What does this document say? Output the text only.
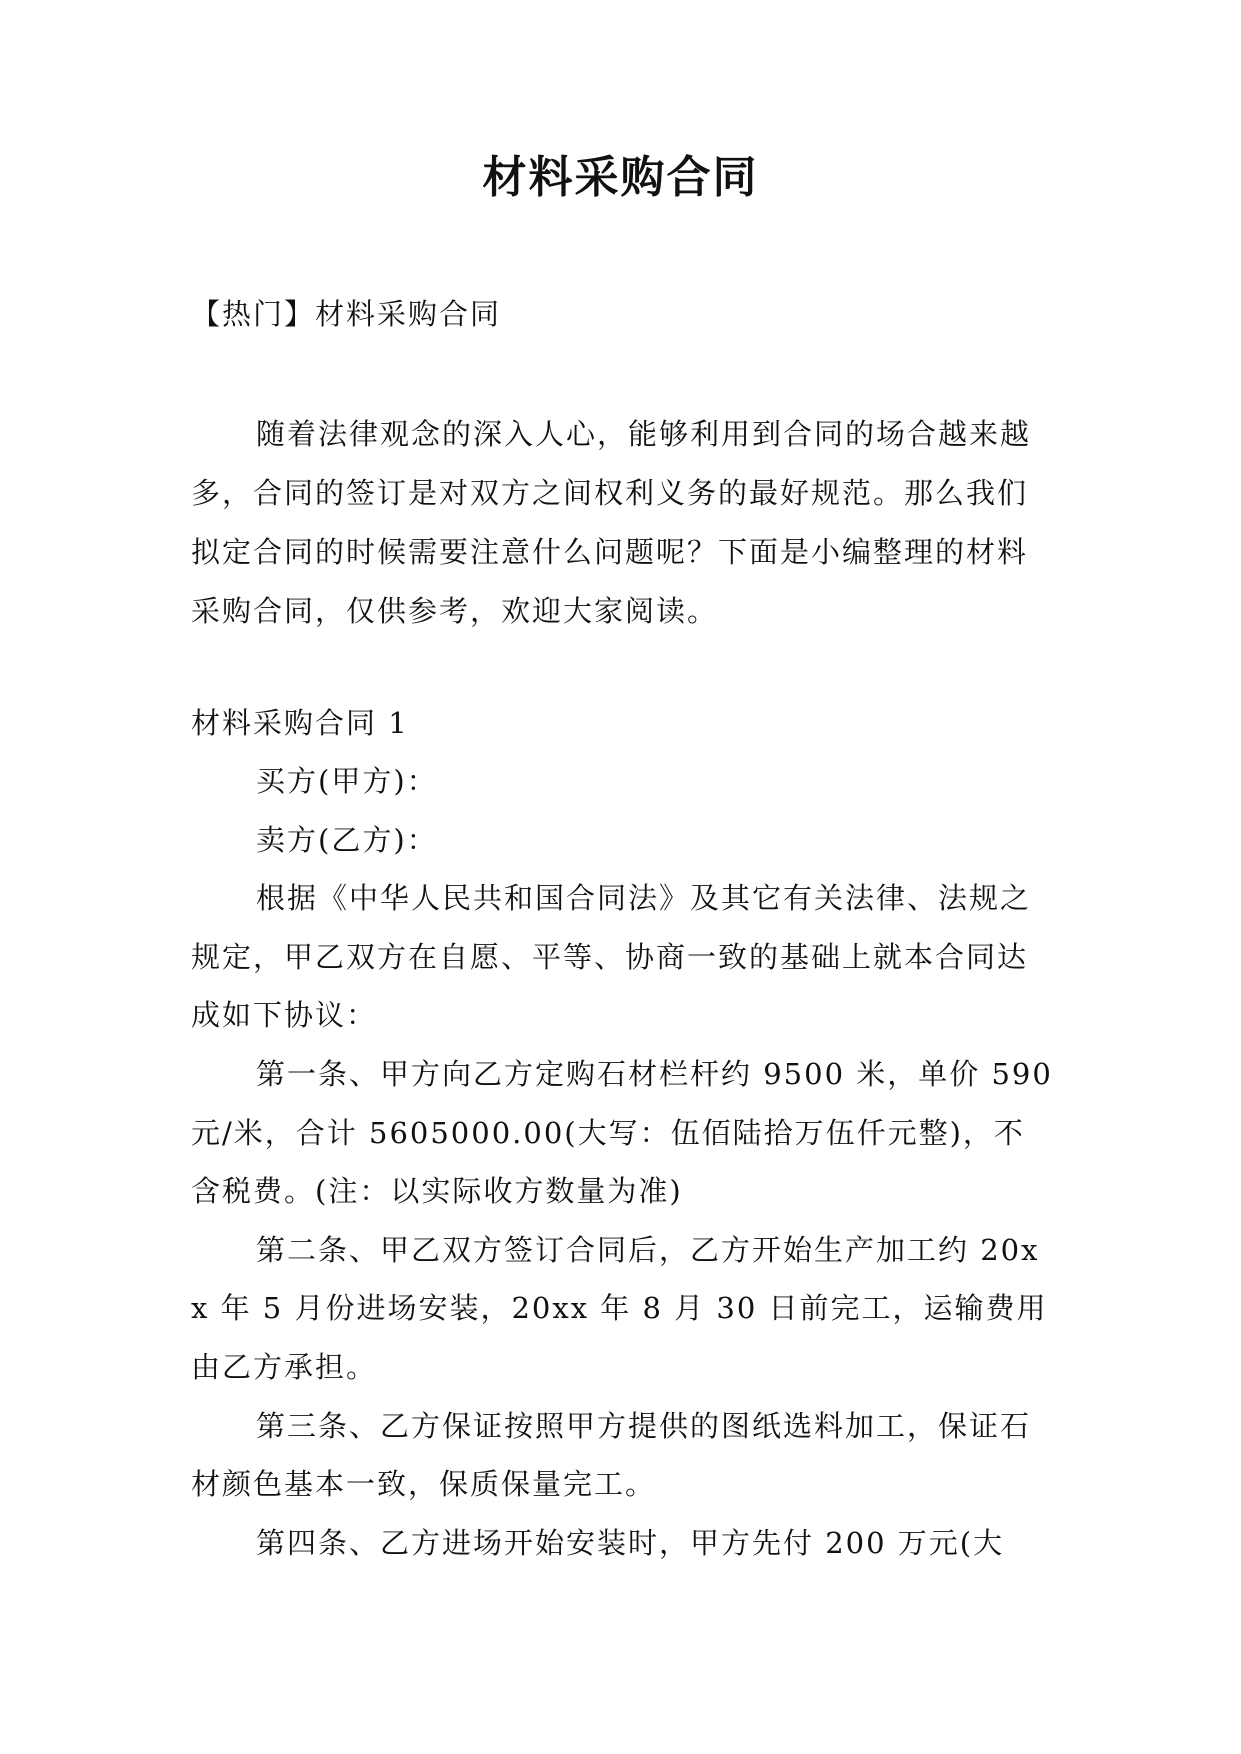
材料采购合同

【热门】材料采购合同

随着法律观念的深入人心，能够利用到合同的场合越来越多，合同的签订是对双方之间权利义务的最好规范。那么我们拟定合同的时候需要注意什么问题呢？下面是小编整理的材料采购合同，仅供参考，欢迎大家阅读。

材料采购合同 1

买方(甲方)：

卖方(乙方)：

根据《中华人民共和国合同法》及其它有关法律、法规之规定，甲乙双方在自愿、平等、协商一致的基础上就本合同达成如下协议：

第一条、甲方向乙方定购石材栏杆约 9500 米，单价 590 元/米，合计 5605000.00(大写：伍佰陆拾万伍仟元整)，不含税费。(注：以实际收方数量为准)

第二条、甲乙双方签订合同后，乙方开始生产加工约 20xx 年 5 月份进场安装，20xx 年 8 月 30 日前完工，运输费用由乙方承担。

第三条、乙方保证按照甲方提供的图纸选料加工，保证石材颜色基本一致，保质保量完工。

第四条、乙方进场开始安装时，甲方先付 200 万元(大
